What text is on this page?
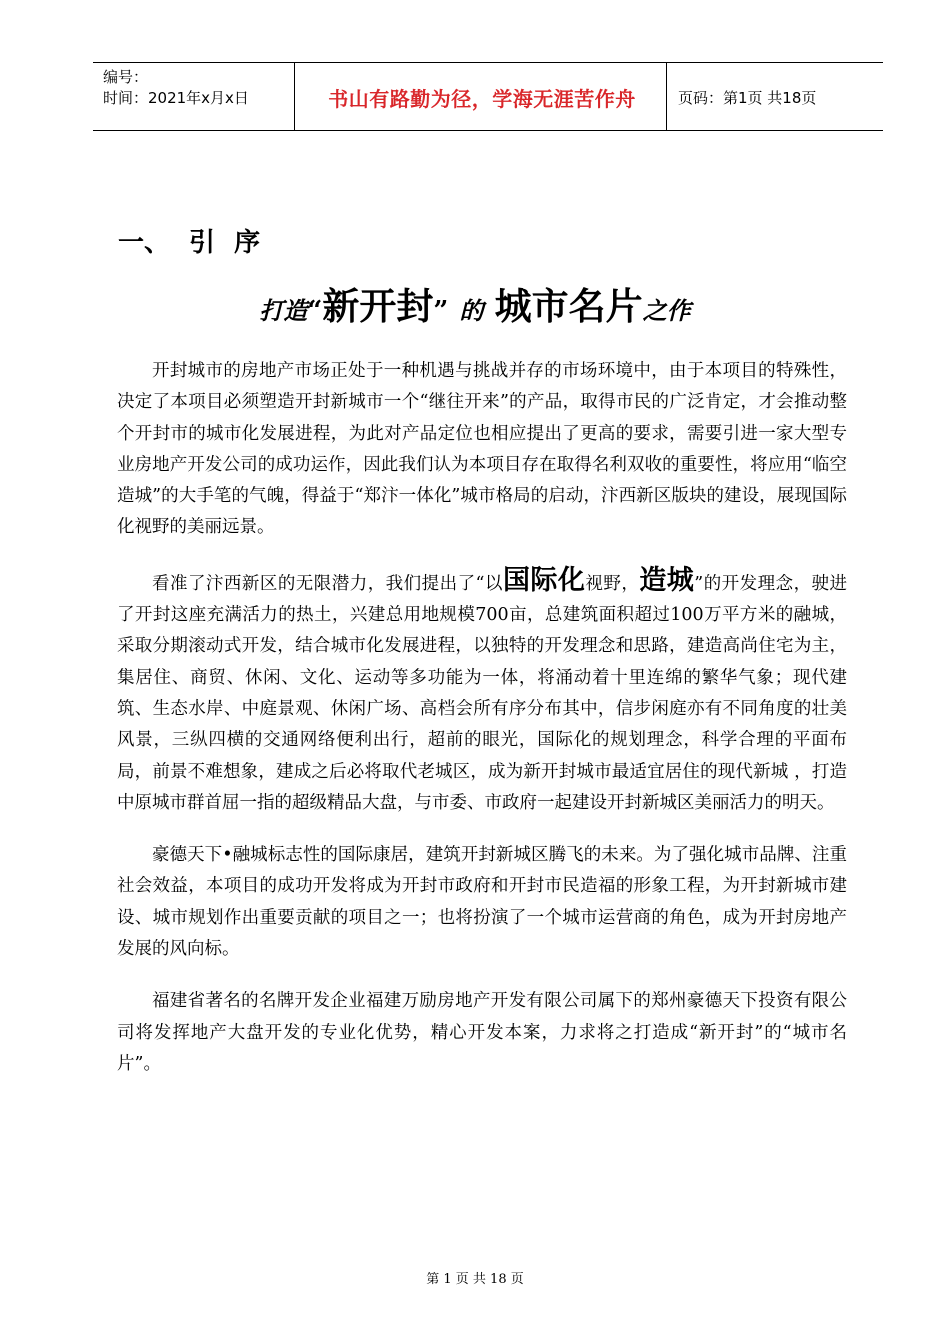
编号：
时间：2021年x月x日	书山有路勤为径，学海无涯苦作舟	页码：第1页 共18页
一、 引 序
打造“新开封” 的 城市名片之作

开封城市的房地产市场正处于一种机遇与挑战并存的市场环境中，由于本项目的特殊性，决定了本项目必须塑造开封新城市一个“继往开来”的产品，取得市民的广泛肯定，才会推动整个开封市的城市化发展进程，为此对产品定位也相应提出了更高的要求，需要引进一家大型专业房地产开发公司的成功运作，因此我们认为本项目存在取得名利双收的重要性，将应用“临空造城”的大手笔的气魄，得益于“郑汴一体化”城市格局的启动，汴西新区版块的建设，展现国际化视野的美丽远景。

看准了汴西新区的无限潜力，我们提出了“以国际化视野，造城”的开发理念，驶进了开封这座充满活力的热土，兴建总用地规模700亩，总建筑面积超过100万平方米的融城，采取分期滚动式开发，结合城市化发展进程，以独特的开发理念和思路，建造高尚住宅为主，集居住、商贸、休闲、文化、运动等多功能为一体，将涌动着十里连绵的繁华气象；现代建筑、生态水岸、中庭景观、休闲广场、高档会所有序分布其中，信步闲庭亦有不同角度的壮美风景，三纵四横的交通网络便利出行，超前的眼光，国际化的规划理念，科学合理的平面布局，前景不难想象，建成之后必将取代老城区，成为新开封城市最适宜居住的现代新城 ，打造中原城市群首屈一指的超级精品大盘，与市委、市政府一起建设开封新城区美丽活力的明天。

豪德天下•融城标志性的国际康居，建筑开封新城区腾飞的未来。为了强化城市品牌、注重社会效益，本项目的成功开发将成为开封市政府和开封市民造福的形象工程，为开封新城市建设、城市规划作出重要贡献的项目之一；也将扮演了一个城市运营商的角色，成为开封房地产发展的风向标。

福建省著名的名牌开发企业福建万励房地产开发有限公司属下的郑州豪德天下投资有限公司将发挥地产大盘开发的专业化优势，精心开发本案，力求将之打造成“新开封”的“城市名片”。

第 1 页 共 18 页
